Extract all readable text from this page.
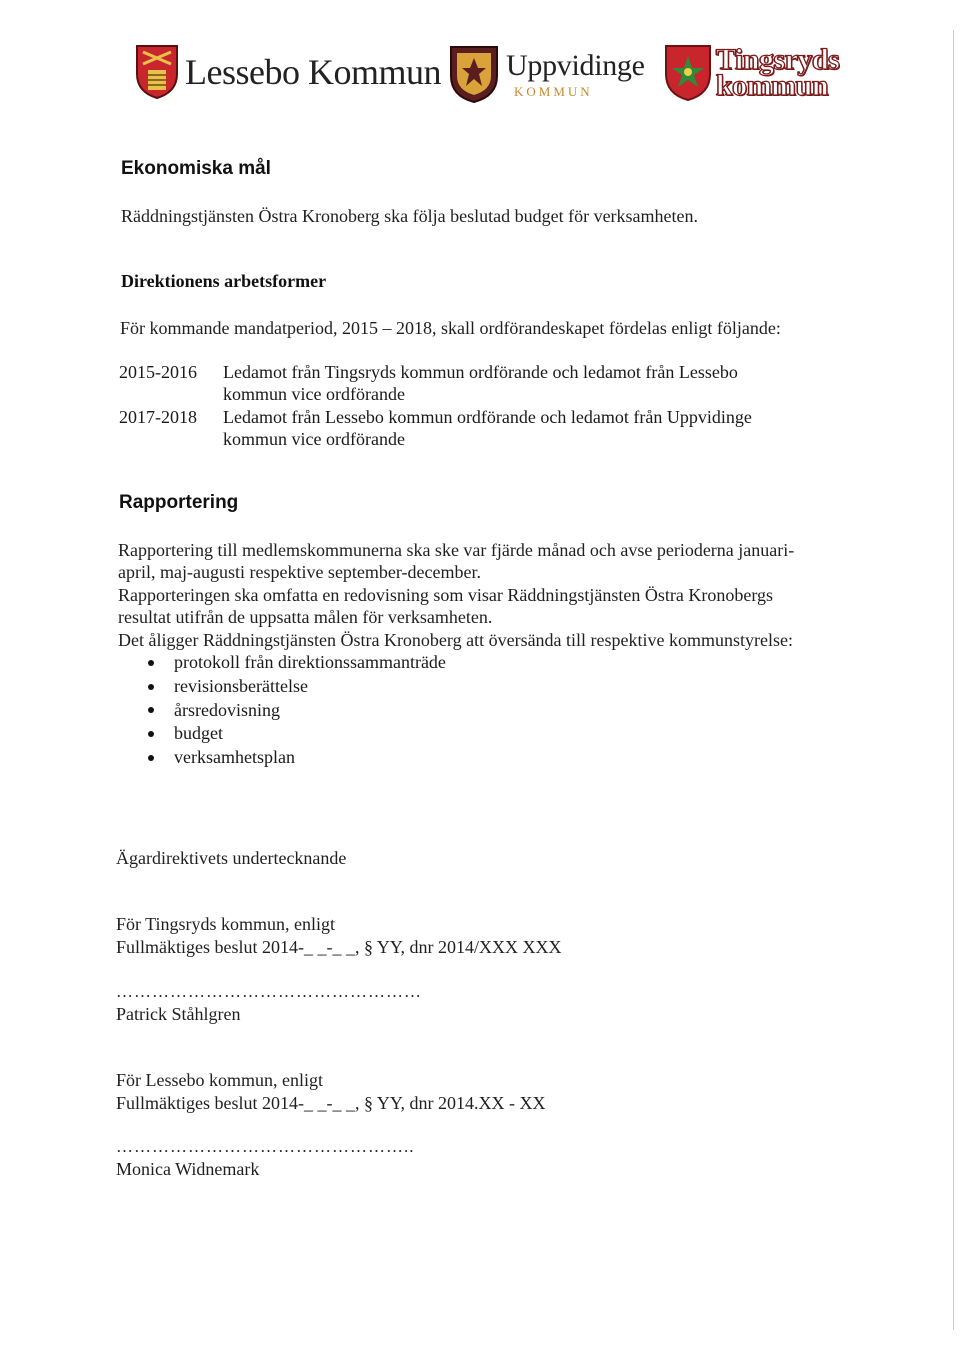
Lessebo Kommun Uppvidinge
KOMMUN
Tingsryds
kommun
Ekonomiska mål
Räddningstjänsten Östra Kronoberg ska följa beslutad budget för verksamheten.
Direktionens arbetsformer
För kommande mandatperiod, 2015 – 2018, skall ordförandeskapet fördelas enligt följande:
2015-2016	Ledamot från Tingsryds kommun ordförande och ledamot från Lessebo
kommun vice ordförande
2017-2018	Ledamot från Lessebo kommun ordförande och ledamot från Uppvidinge
kommun vice ordförande
Rapportering
Rapportering till medlemskommunerna ska ske var fjärde månad och avse perioderna januari-
april, maj-augusti respektive september-december.
Rapporteringen ska omfatta en redovisning som visar Räddningstjänsten Östra Kronobergs
resultat utifrån de uppsatta målen för verksamheten.
Det åligger Räddningstjänsten Östra Kronoberg att översända till respektive kommunstyrelse:
protokoll från direktionssammanträde
revisionsberättelse
årsredovisning
budget
verksamhetsplan
Ägardirektivets undertecknande
För Tingsryds kommun, enligt
Fullmäktiges beslut 2014-_ _-_ _, § YY, dnr 2014/XXX XXX
……………………………………………
Patrick Ståhlgren
För Lessebo kommun, enligt
Fullmäktiges beslut 2014-_ _-_ _, § YY, dnr 2014.XX - XX
…………………………………………..
Monica Widnemark
